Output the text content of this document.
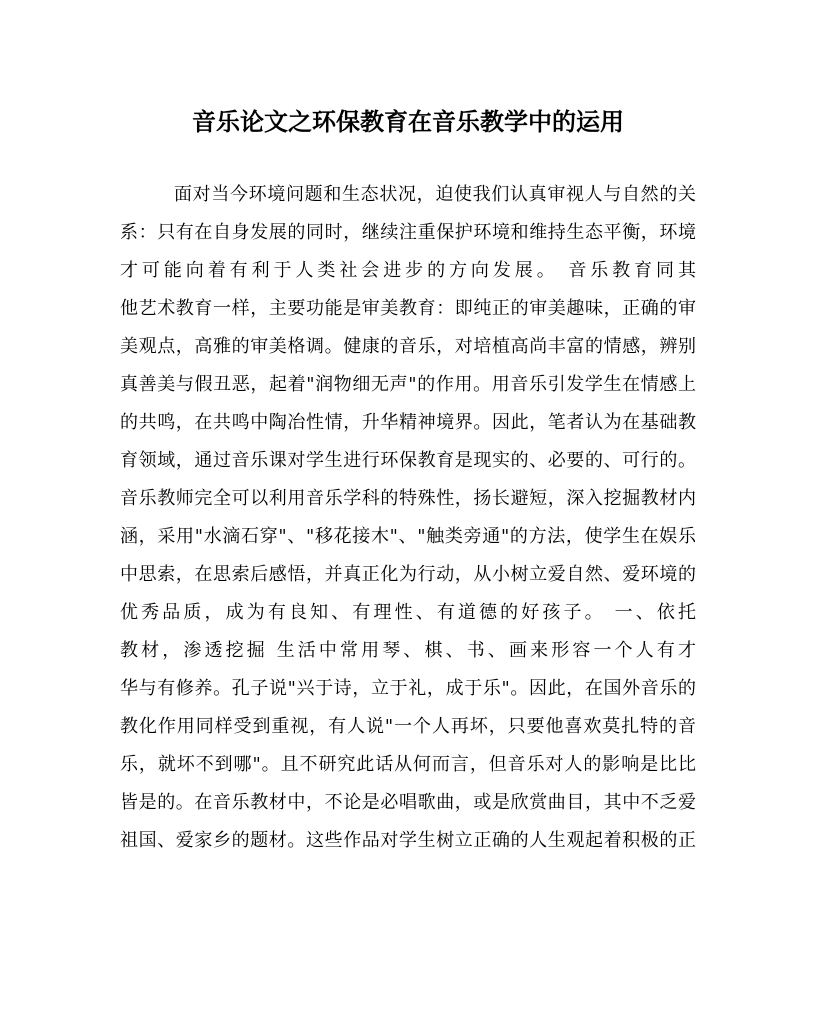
音乐论文之环保教育在音乐教学中的运用
面对当今环境问题和生态状况，迫使我们认真审视人与自然的关
系：只有在自身发展的同时，继续注重保护环境和维持生态平衡，环境
才可能向着有利于人类社会进步的方向发展。 音乐教育同其
他艺术教育一样，主要功能是审美教育：即纯正的审美趣味，正确的审
美观点，高雅的审美格调。健康的音乐，对培植高尚丰富的情感，辨别
真善美与假丑恶，起着"润物细无声"的作用。用音乐引发学生在情感上
的共鸣，在共鸣中陶冶性情，升华精神境界。因此，笔者认为在基础教
育领域，通过音乐课对学生进行环保教育是现实的、必要的、可行的。
音乐教师完全可以利用音乐学科的特殊性，扬长避短，深入挖掘教材内
涵，采用"水滴石穿"、"移花接木"、"触类旁通"的方法，使学生在娱乐
中思索，在思索后感悟，并真正化为行动，从小树立爱自然、爱环境的
优秀品质，成为有良知、有理性、有道德的好孩子。 一、依托
教材，渗透挖掘 生活中常用琴、棋、书、画来形容一个人有才
华与有修养。孔子说"兴于诗，立于礼，成于乐"。因此，在国外音乐的
教化作用同样受到重视，有人说"一个人再坏，只要他喜欢莫扎特的音
乐，就坏不到哪"。且不研究此话从何而言，但音乐对人的影响是比比
皆是的。在音乐教材中，不论是必唱歌曲，或是欣赏曲目，其中不乏爱
祖国、爱家乡的题材。这些作品对学生树立正确的人生观起着积极的正
